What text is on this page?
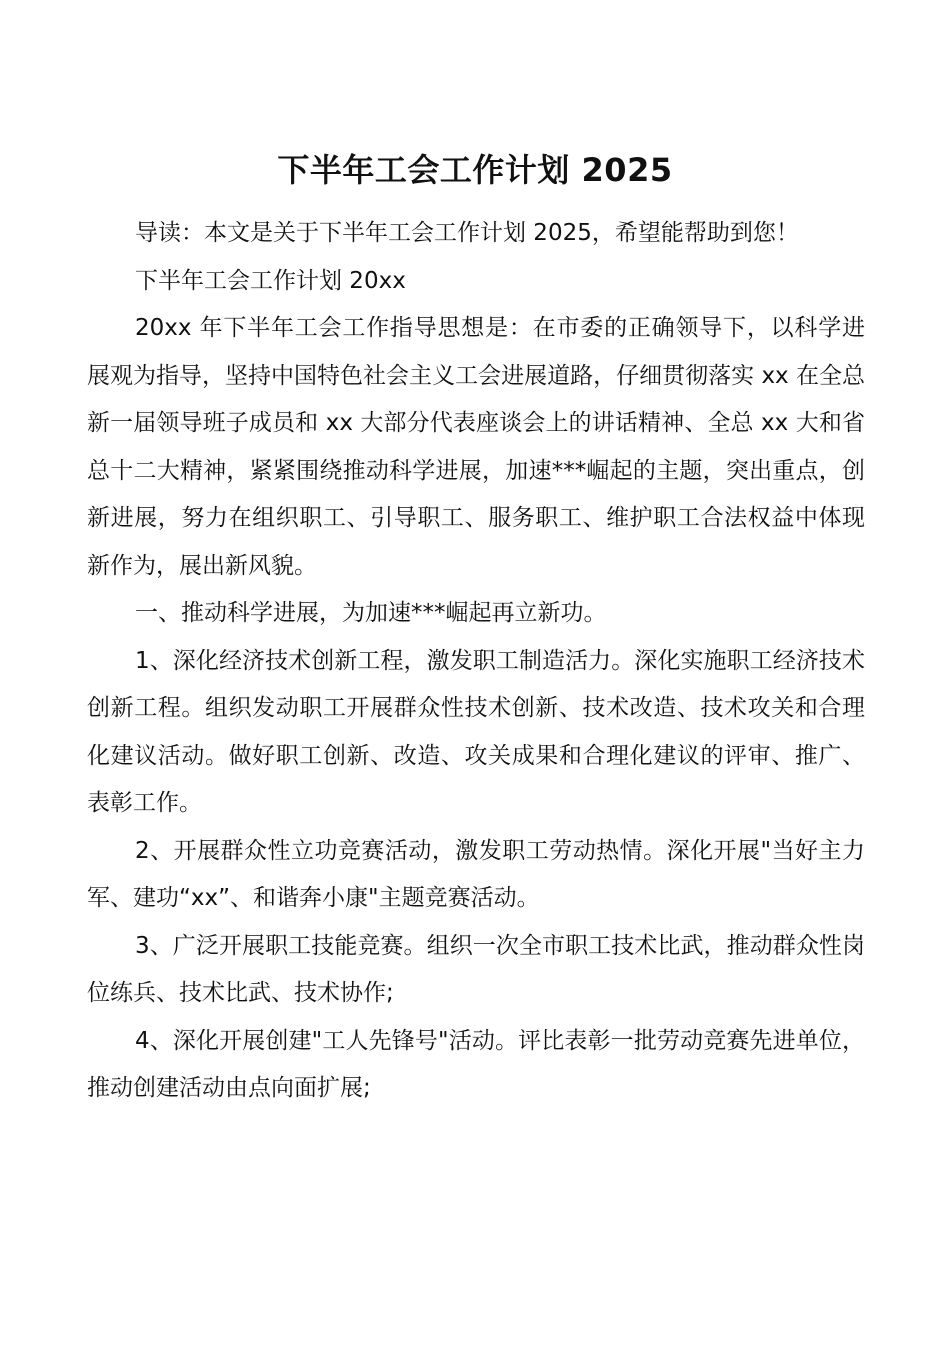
下半年工会工作计划 2025

导读：本文是关于下半年工会工作计划 2025，希望能帮助到您！

下半年工会工作计划 20xx

20xx 年下半年工会工作指导思想是：在市委的正确领导下，以科学进展观为指导，坚持中国特色社会主义工会进展道路，仔细贯彻落实 xx 在全总新一届领导班子成员和 xx 大部分代表座谈会上的讲话精神、全总 xx 大和省总十二大精神，紧紧围绕推动科学进展，加速***崛起的主题，突出重点，创新进展，努力在组织职工、引导职工、服务职工、维护职工合法权益中体现新作为，展出新风貌。

一、推动科学进展，为加速***崛起再立新功。

1、深化经济技术创新工程，激发职工制造活力。深化实施职工经济技术创新工程。组织发动职工开展群众性技术创新、技术改造、技术攻关和合理化建议活动。做好职工创新、改造、攻关成果和合理化建议的评审、推广、表彰工作。

2、开展群众性立功竞赛活动，激发职工劳动热情。深化开展"当好主力军、建功“xx”、和谐奔小康"主题竞赛活动。

3、广泛开展职工技能竞赛。组织一次全市职工技术比武，推动群众性岗位练兵、技术比武、技术协作;

4、深化开展创建"工人先锋号"活动。评比表彰一批劳动竞赛先进单位，推动创建活动由点向面扩展;
